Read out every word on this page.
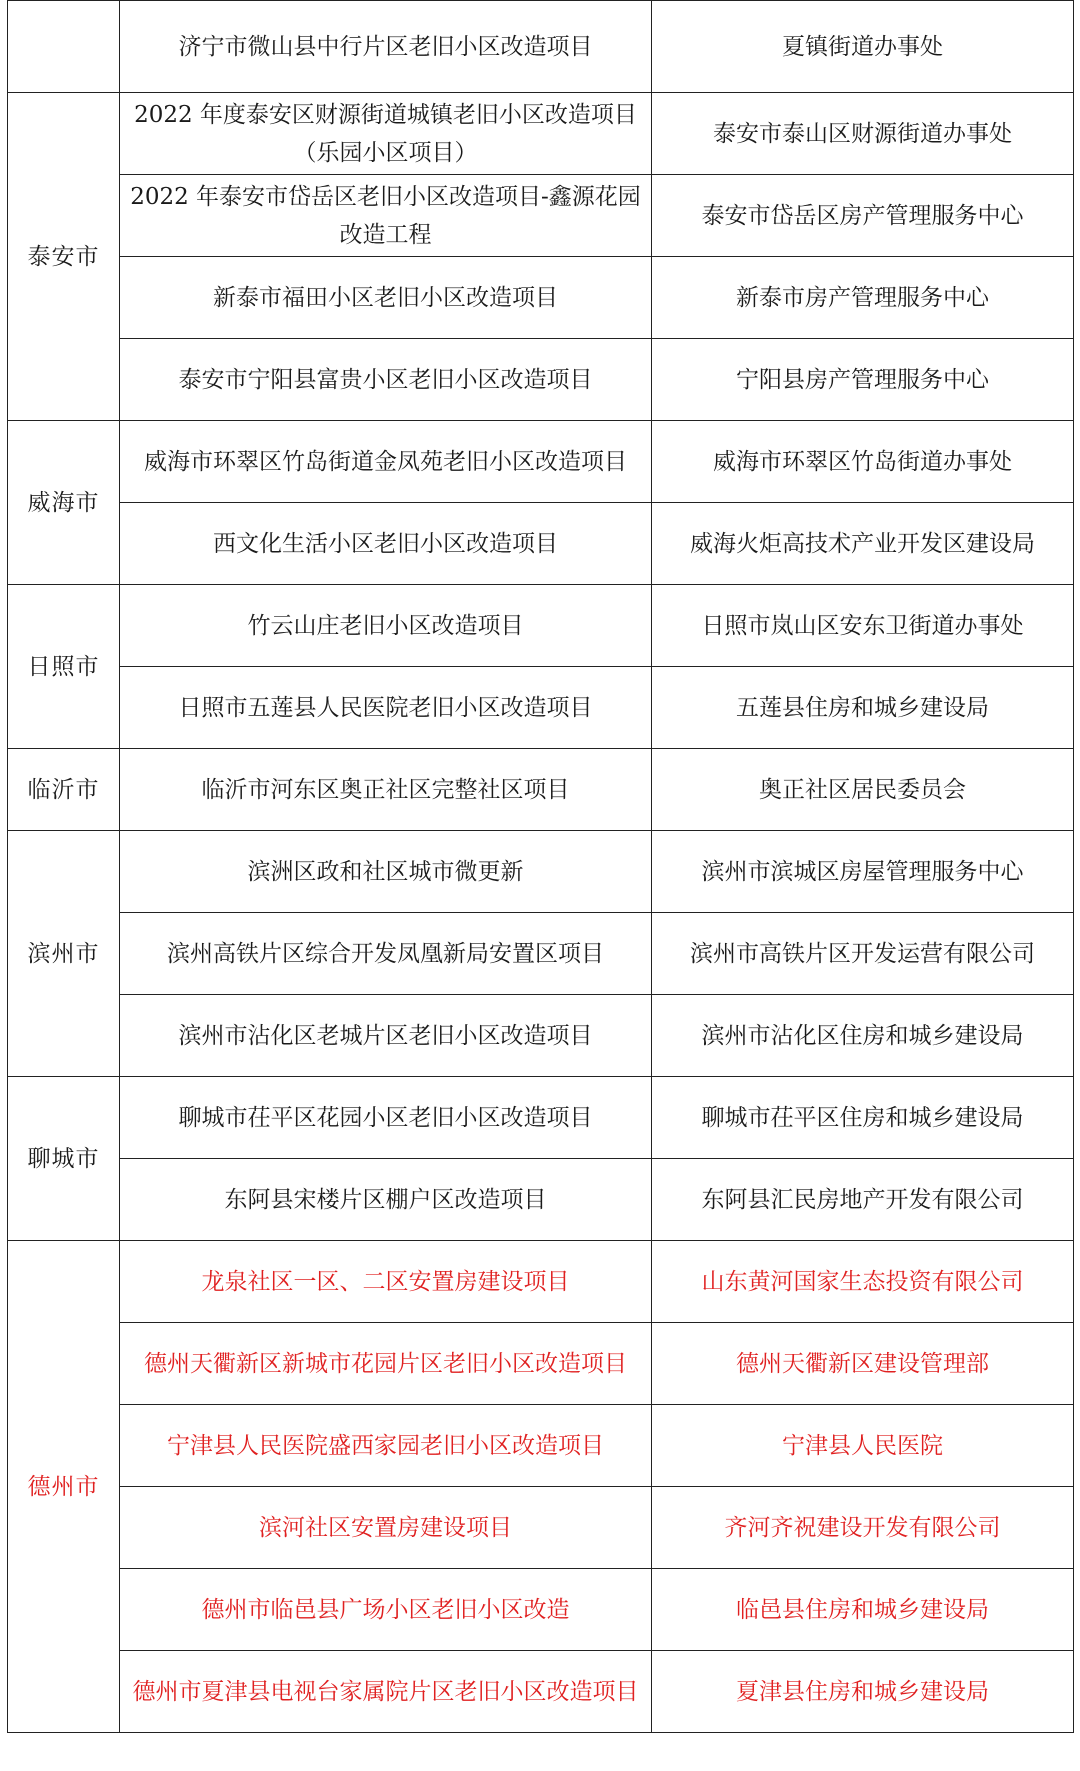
	济宁市微山县中行片区老旧小区改造项目	夏镇街道办事处
泰安市	2022 年度泰安区财源街道城镇老旧小区改造项目（乐园小区项目）	泰安市泰山区财源街道办事处
	2022 年泰安市岱岳区老旧小区改造项目-鑫源花园改造工程	泰安市岱岳区房产管理服务中心
	新泰市福田小区老旧小区改造项目	新泰市房产管理服务中心
	泰安市宁阳县富贵小区老旧小区改造项目	宁阳县房产管理服务中心
威海市	威海市环翠区竹岛街道金凤苑老旧小区改造项目	威海市环翠区竹岛街道办事处
	西文化生活小区老旧小区改造项目	威海火炬高技术产业开发区建设局
日照市	竹云山庄老旧小区改造项目	日照市岚山区安东卫街道办事处
	日照市五莲县人民医院老旧小区改造项目	五莲县住房和城乡建设局
临沂市	临沂市河东区奥正社区完整社区项目	奥正社区居民委员会
滨州市	滨洲区政和社区城市微更新	滨州市滨城区房屋管理服务中心
	滨州高铁片区综合开发凤凰新局安置区项目	滨州市高铁片区开发运营有限公司
	滨州市沾化区老城片区老旧小区改造项目	滨州市沾化区住房和城乡建设局
聊城市	聊城市茌平区花园小区老旧小区改造项目	聊城市茌平区住房和城乡建设局
	东阿县宋楼片区棚户区改造项目	东阿县汇民房地产开发有限公司
德州市	龙泉社区一区、二区安置房建设项目	山东黄河国家生态投资有限公司
	德州天衢新区新城市花园片区老旧小区改造项目	德州天衢新区建设管理部
	宁津县人民医院盛西家园老旧小区改造项目	宁津县人民医院
	滨河社区安置房建设项目	齐河齐祝建设开发有限公司
	德州市临邑县广场小区老旧小区改造	临邑县住房和城乡建设局
	德州市夏津县电视台家属院片区老旧小区改造项目	夏津县住房和城乡建设局
